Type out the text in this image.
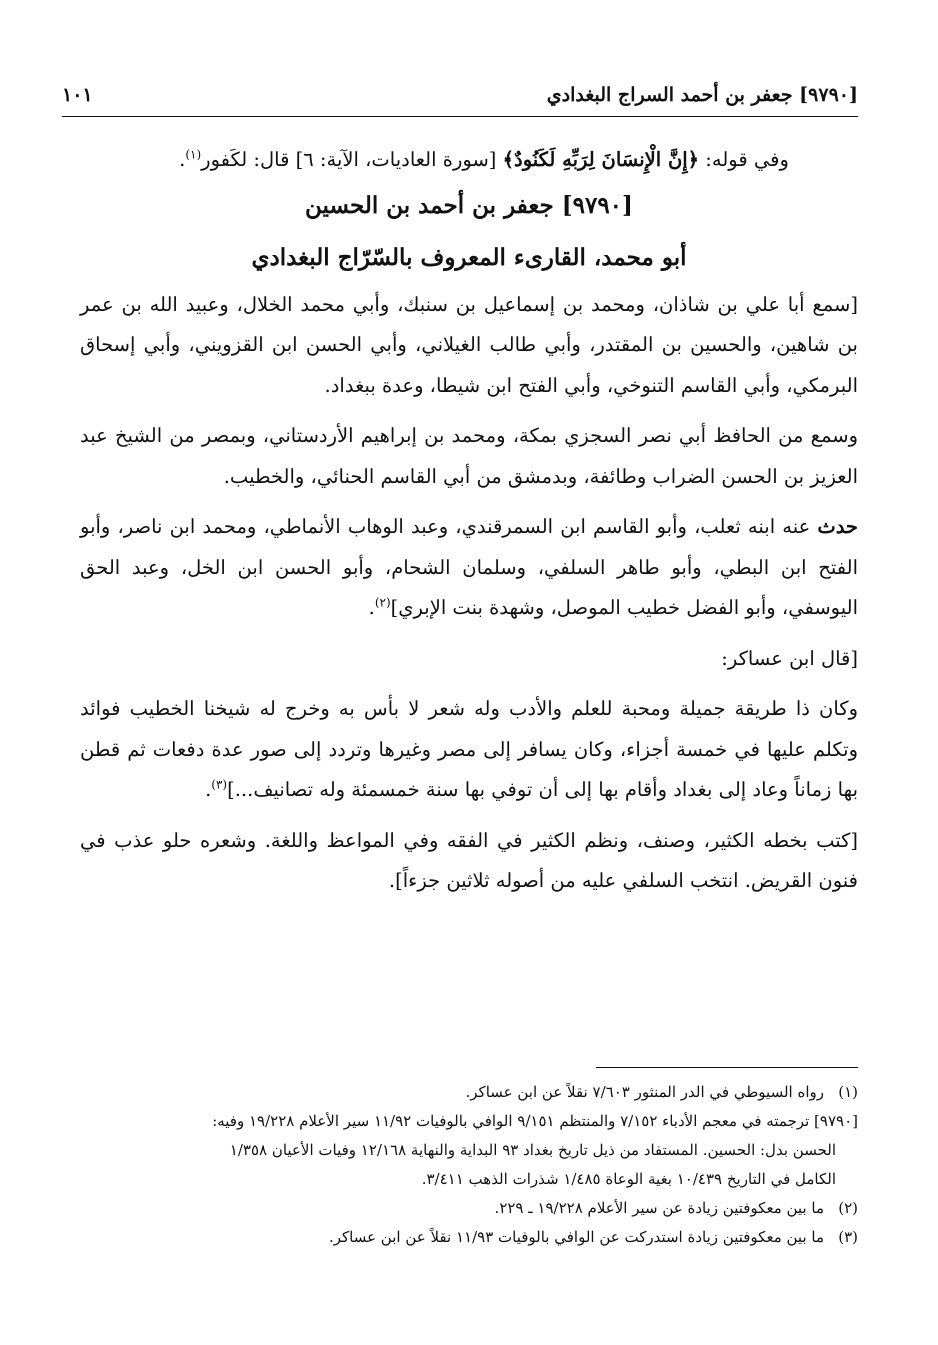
[٩٧٩٠] جعفر بن أحمد السراج البغدادي
١٠١

وفي قوله: ﴿إِنَّ الْإِنسَانَ لِرَبِّهِ لَكَنُودٌ﴾ [سورة العاديات، الآية: ٦] قال: لكَفور$^{(١)}$.

[٩٧٩٠] جعفر بن أحمد بن الحسين

أبو محمد، القارىء المعروف بالسّرّاج البغدادي

[سمع أبا علي بن شاذان، ومحمد بن إسماعيل بن سنبك، وأبي محمد الخلال، وعبيد الله بن عمر بن شاهين، والحسين بن المقتدر، وأبي طالب الغيلاني، وأبي الحسن ابن القزويني، وأبي إسحاق البرمكي، وأبي القاسم التنوخي، وأبي الفتح ابن شيطا، وعدة ببغداد.

وسمع من الحافظ أبي نصر السجزي بمكة، ومحمد بن إبراهيم الأردستاني، وبمصر من الشيخ عبد العزيز بن الحسن الضراب وطائفة، وبدمشق من أبي القاسم الحنائي، والخطيب.

حدث عنه ابنه ثعلب، وأبو القاسم ابن السمرقندي، وعبد الوهاب الأنماطي، ومحمد ابن ناصر، وأبو الفتح ابن البطي، وأبو طاهر السلفي، وسلمان الشحام، وأبو الحسن ابن الخل، وعبد الحق اليوسفي، وأبو الفضل خطيب الموصل، وشهدة بنت الإبري]$^{(٢)}$.

[قال ابن عساكر:

وكان ذا طريقة جميلة ومحبة للعلم والأدب وله شعر لا بأس به وخرج له شيخنا الخطيب فوائد وتكلم عليها في خمسة أجزاء، وكان يسافر إلى مصر وغيرها وتردد إلى صور عدة دفعات ثم قطن بها زماناً وعاد إلى بغداد وأقام بها إلى أن توفي بها سنة خمسمئة وله تصانيف...]$^{(٣)}$.

[كتب بخطه الكثير، وصنف، ونظم الكثير في الفقه وفي المواعظ واللغة. وشعره حلو عذب في فنون القريض. انتخب السلفي عليه من أصوله ثلاثين جزءاً].

(١)رواه السيوطي في الدر المنثور ٧/٦٠٣ نقلاً عن ابن عساكر.

[٩٧٩٠] ترجمته في معجم الأدباء ٧/١٥٢ والمنتظم ٩/١٥١ الوافي بالوفيات ١١/٩٢ سير الأعلام ١٩/٢٢٨ وفيه:

الحسن بدل: الحسين. المستفاد من ذيل تاريخ بغداد ٩٣ البداية والنهاية ١٢/١٦٨ وفيات الأعيان ١/٣٥٨

الكامل في التاريخ ١٠/٤٣٩ بغية الوعاة ١/٤٨٥ شذرات الذهب ٣/٤١١.

(٢)ما بين معكوفتين زيادة عن سير الأعلام ١٩/٢٢٨ ـ ٢٢٩.

(٣)ما بين معكوفتين زيادة استدركت عن الوافي بالوفيات ١١/٩٣ نقلاً عن ابن عساكر.
